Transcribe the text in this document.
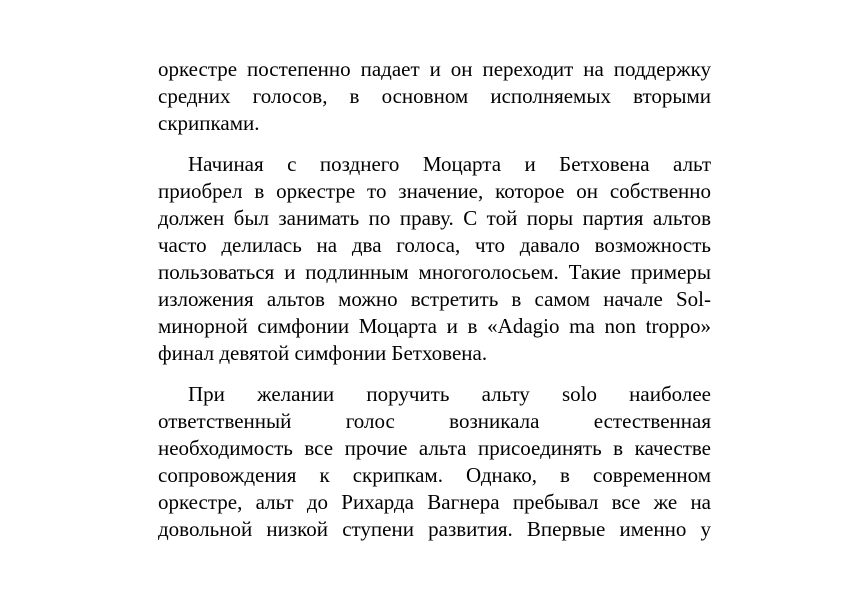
оркестре постепенно падает и он переходит на поддержку
средних голосов, в основном исполняемых вторыми
скрипками.

Начиная с позднего Моцарта и Бетховена альт
приобрел в оркестре то значение, которое он собственно
должен был занимать по праву. С той поры партия альтов
часто делилась на два голоса, что давало возможность
пользоваться и подлинным многоголосьем. Такие примеры
изложения альтов можно встретить в самом начале Sol-
минорной симфонии Моцарта и в «Adagio ma non troppo»
финал девятой симфонии Бетховена.

При желании поручить альту solo наиболее
ответственный голос возникала естественная
необходимость все прочие альта присоединять в качестве
сопровождения к скрипкам. Однако, в современном
оркестре, альт до Рихарда Вагнера пребывал все же на
довольной низкой ступени развития. Впервые именно у
